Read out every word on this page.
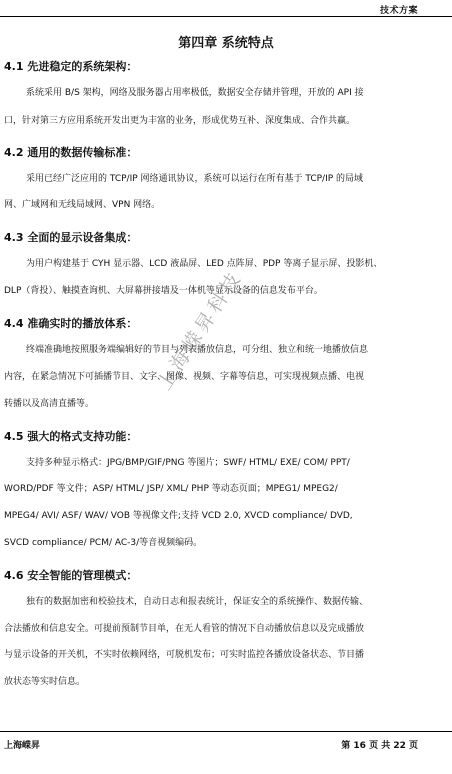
技术方案
第四章 系统特点
4.1 先进稳定的系统架构：
系统采用 B/S 架构，网络及服务器占用率极低，数据安全存储并管理，开放的 API 接
口，针对第三方应用系统开发出更为丰富的业务，形成优势互补、深度集成、合作共赢。
4.2 通用的数据传输标准：
采用已经广泛应用的 TCP/IP 网络通讯协议，系统可以运行在所有基于 TCP/IP 的局域
网、广域网和无线局域网、VPN 网络。
4.3 全面的显示设备集成：
为用户构建基于 CYH 显示器、LCD 液晶屏、LED 点阵屏、PDP 等离子显示屏、投影机、
DLP（背投）、触摸查询机、大屏幕拼接墙及一体机等显示设备的信息发布平台。
4.4 准确实时的播放体系：
终端准确地按照服务端编辑好的节目与列表播放信息，可分组、独立和统一地播放信息
内容，在紧急情况下可插播节目、文字、图像、视频、字幕等信息，可实现视频点播、电视
转播以及高清直播等。
4.5 强大的格式支持功能：
支持多种显示格式：JPG/BMP/GIF/PNG 等图片；SWF/ HTML/ EXE/ COM/ PPT/
WORD/PDF 等文件；ASP/ HTML/ JSP/ XML/ PHP 等动态页面；MPEG1/ MPEG2/
MPEG4/ AVI/ ASF/ WAV/ VOB 等视像文件;支持 VCD 2.0, XVCD compliance/ DVD,
SVCD compliance/ PCM/ AC-3/等音视频编码。
4.6 安全智能的管理模式：
独有的数据加密和校验技术，自动日志和报表统计，保证安全的系统操作、数据传输、
合法播放和信息安全。可提前预制节目单，在无人看管的情况下自动播放信息以及完成播放
与显示设备的开关机，不实时依赖网络，可脱机发布；可实时监控各播放设备状态、节目播
放状态等实时信息。
上海嵘昇科技
上海嵘昇	第 16 页 共 22 页
